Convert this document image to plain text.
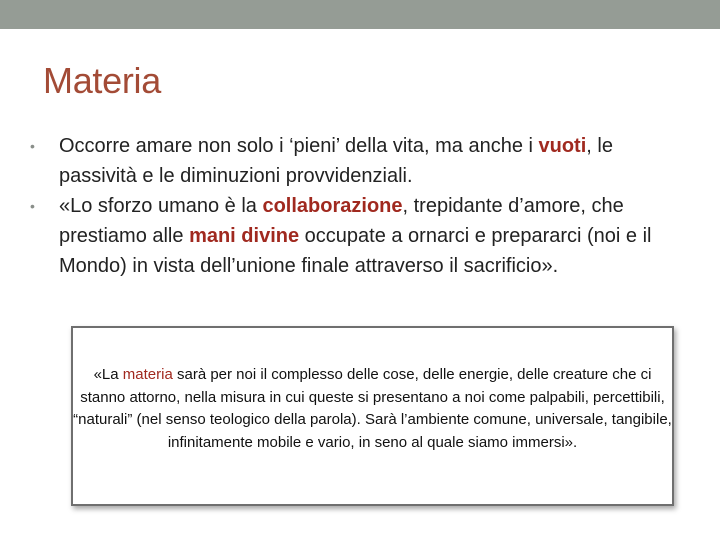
Materia
• Occorre amare non solo i ‘pieni’ della vita, ma anche i vuoti, le passività e le diminuzioni provvidenziali.
• «Lo sforzo umano è la collaborazione, trepidante d’amore, che prestiamo alle mani divine occupate a ornarci e prepararci (noi e il Mondo) in vista dell’unione finale attraverso il sacrificio».

«La materia sarà per noi il complesso delle cose, delle energie, delle creature che ci stanno attorno, nella misura in cui queste si presentano a noi come palpabili, percettibili, “naturali” (nel senso teologico della parola). Sarà l’ambiente comune, universale, tangibile, infinitamente mobile e vario, in seno al quale siamo immersi».
